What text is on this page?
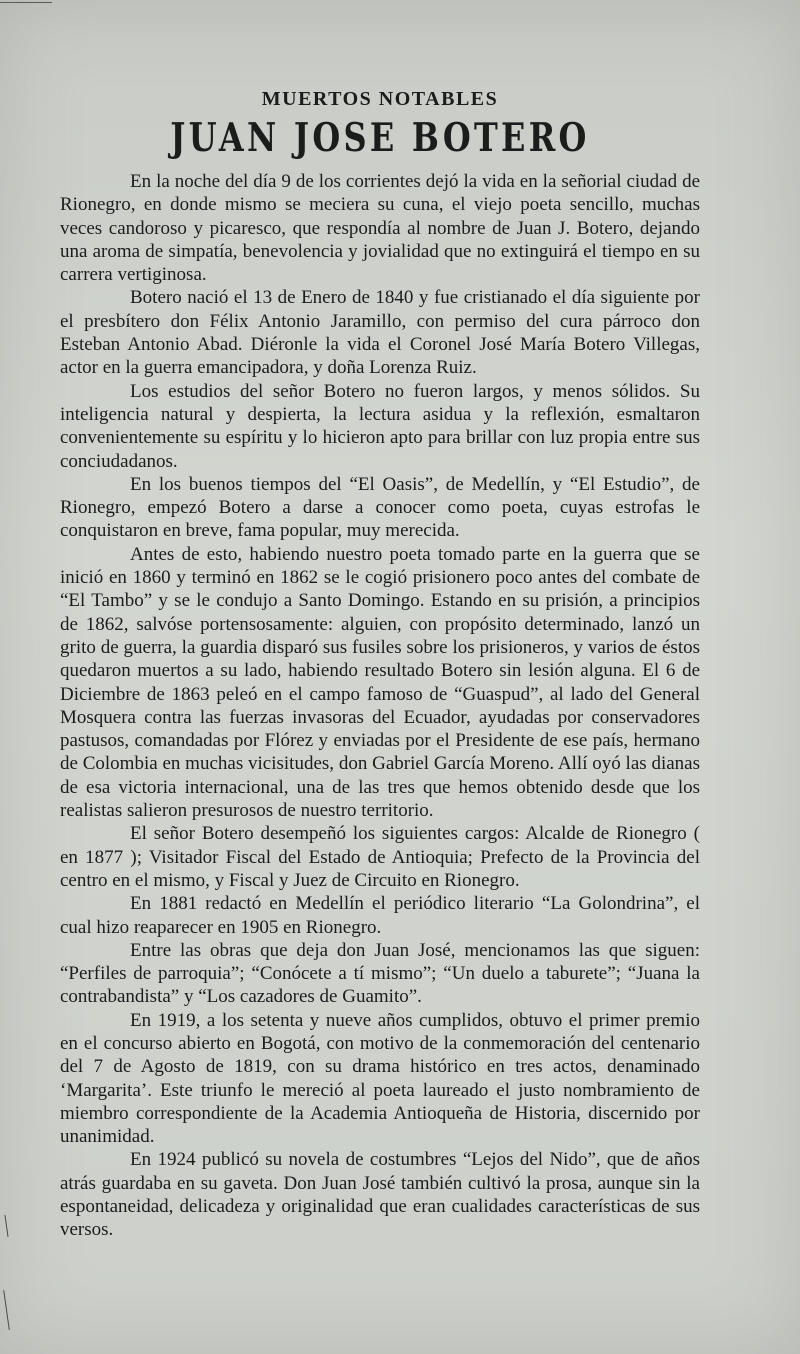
MUERTOS NOTABLES
JUAN JOSE BOTERO

En la noche del día 9 de los corrientes dejó la vida en la señorial ciudad de Rionegro, en donde mismo se meciera su cuna, el viejo poeta sencillo, muchas veces candoroso y picaresco, que respondía al nombre de Juan J. Botero, dejando una aroma de simpatía, benevolencia y jovialidad que no extinguirá el tiempo en su carrera vertiginosa.

Botero nació el 13 de Enero de 1840 y fue cristianado el día siguiente por el presbítero don Félix Antonio Jaramillo, con permiso del cura párroco don Esteban Antonio Abad. Diéronle la vida el Coronel José María Botero Villegas, actor en la guerra emancipadora, y doña Lorenza Ruiz.

Los estudios del señor Botero no fueron largos, y menos sólidos. Su inteligencia natural y despierta, la lectura asidua y la reflexión, esmaltaron convenientemente su espíritu y lo hicieron apto para brillar con luz propia entre sus conciudadanos.

En los buenos tiempos del “El Oasis”, de Medellín, y “El Estudio”, de Rionegro, empezó Botero a darse a conocer como poeta, cuyas estrofas le conquistaron en breve, fama popular, muy merecida.

Antes de esto, habiendo nuestro poeta tomado parte en la guerra que se inició en 1860 y terminó en 1862 se le cogió prisionero poco antes del combate de “El Tambo” y se le condujo a Santo Domingo. Estando en su prisión, a principios de 1862, salvóse portensosamente: alguien, con propósito determinado, lanzó un grito de guerra, la guardia disparó sus fusiles sobre los prisioneros, y varios de éstos quedaron muertos a su lado, habiendo resultado Botero sin lesión alguna. El 6 de Diciembre de 1863 peleó en el campo famoso de “Guaspud”, al lado del General Mosquera contra las fuerzas invasoras del Ecuador, ayudadas por conservadores pastusos, comandadas por Flórez y enviadas por el Presidente de ese país, hermano de Colombia en muchas vicisitudes, don Gabriel García Moreno. Allí oyó las dianas de esa victoria internacional, una de las tres que hemos obtenido desde que los realistas salieron presurosos de nuestro territorio.

El señor Botero desempeñó los siguientes cargos: Alcalde de Rionegro ( en 1877 ); Visitador Fiscal del Estado de Antioquia; Prefecto de la Provincia del centro en el mismo, y Fiscal y Juez de Circuito en Rionegro.

En 1881 redactó en Medellín el periódico literario “La Golondrina”, el cual hizo reaparecer en 1905 en Rionegro.

Entre las obras que deja don Juan José, mencionamos las que siguen: “Perfiles de parroquia”; “Conócete a tí mismo”; “Un duelo a taburete”; “Juana la contrabandista” y “Los cazadores de Guamito”.

En 1919, a los setenta y nueve años cumplidos, obtuvo el primer premio en el concurso abierto en Bogotá, con motivo de la conmemoración del centenario del 7 de Agosto de 1819, con su drama histórico en tres actos, denaminado ‘Margarita’. Este triunfo le mereció al poeta laureado el justo nombramiento de miembro correspondiente de la Academia Antioqueña de Historia, discernido por unanimidad.

En 1924 publicó su novela de costumbres “Lejos del Nido”, que de años atrás guardaba en su gaveta. Don Juan José también cultivó la prosa, aunque sin la espontaneidad, delicadeza y originalidad que eran cualidades características de sus versos.
